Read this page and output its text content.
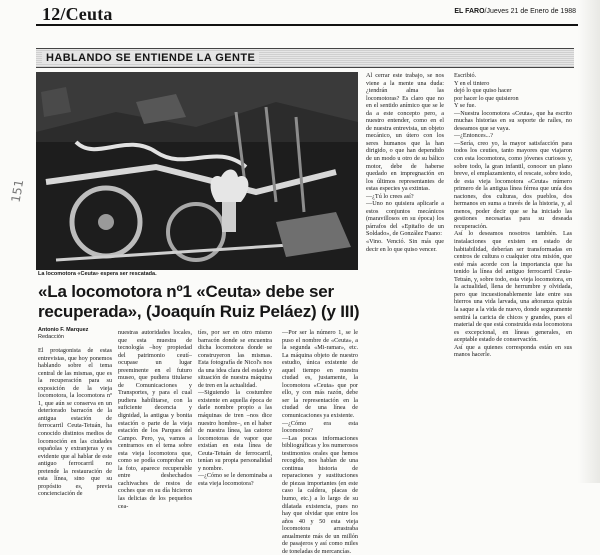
12/Ceuta	EL FARO/Jueves 21 de Enero de 1988
HABLANDO SE ENTIENDE LA GENTE
La locomotora «Ceuta» espera ser rescatada.
«La locomotora nº1 «Ceuta» debe ser recuperada», (Joaquín Ruiz Peláez) (y III)
Antonio F. Marquez
Redacción

El protagonista de estas entrevistas, que hoy ponemos hablando sobre el tema central de las mismas, que es la recuperación para su exposición de la vieja locomotora, la locomotora nº 1, que aún se conserva en un deteriorado barracón de la antigua estación de ferrocarril Ceuta-Tetuán, ha conocido distintos medios de locomoción en las ciudades españolas y extranjeras y es evidente que al hablar de este antiguo ferrocarril no pretende la restauración de esta línea, sino que su propósito es, previa concienciación de

nuestras autoridades locales, que esta muestra de tecnología –hoy propiedad del patrimonio ceutí– ocupase un lugar preeminente en el futuro museo, que pudiera titularse de Comunicaciones y Transportes, y para el cual pudiera habilitarse, con la suficiente decencia y dignidad, la antigua y bonita estación o parte de la vieja estación de los Parques del Campo. Pero, ya, vamos a centrarnos en el tema sobre esta vieja locomotora que, como se podía comprobar en la foto, aparece recuperable entre deshechados cachivaches de restos de coches que en su día hicieron las delicias de los pequeños cea-

tíes, por ser en otro mismo barracón donde se encuentra dicha locomotora donde se construyeron las mismas. Esta fotografía de Nicol's nos da una idea clara del estado y situación de nuestra máquina de tren en la actualidad.
—Siguiendo la costumbre existente en aquella época de darle nombre propio a las máquinas de tren –nos dice nuestro hombre–, en el haber de nuestra línea, las catorce locomotoras de vapor que existían en esta línea de Ceuta-Tetuán de ferrocarril, tenían su propia personalidad y nombre.
—¿Cómo se le denominaba a esta vieja locomotora?

—Por ser la número 1, se le puso el nombre de «Ceuta», a la segunda «Mi-ramar», etc. La máquina objeto de nuestro estudio, única existente de aquel tiempo en nuestra ciudad es, justamente, la locomotora «Ceuta» que por ello, y con más razón, debe ser la representación en la ciudad de una línea de comunicaciones ya existente.
—¿Cómo era esta locomotora?
—Las pocas informaciones bibliográficas y los numerosos testimonios orales que hemos recogido, nos hablan de una continua historia de reparaciones y sustituciones de piezas importantes (en este caso la caldera, placas de humo, etc.) a lo largo de su dilatada existencia, pues no hay que olvidar que entre los años 40 y 50 esta vieja locomotora arrastraba anualmente más de un millón de pasajeros y así como miles de toneladas de mercancías.

Al cerrar este trabajo, se nos viene a la mente una duda: ¿tendrán alma las locomotoras? Es claro que no en el sentido anímico que se le da a este concepto pero, a nuestro entender, como en el de nuestra entrevista, un objeto mecánico, un útero con los seres humanos que la han dirigido, o que han dependido de un modo u otro de su bálico motor, debe de haberse quedado en impregnación en los últimos representantes de estas especies ya extintas.
—¿Tú lo crees así?
—Uno no quisiera aplicarle a estos conjuntos mecánicos (maravillosos en su época) los párrafos del «Epitafio de un Soldado», de González Fuano:
«Vino. Venció. Sin más que decir en lo que quiso vencer.

Escribió.
Y en el tintero
dejó lo que quiso hacer
por hacer lo que quisieron
Y se fue.
—Nuestra locomotora «Ceuta», que ha escrito muchas historias en su soporte de raíles, no deseamos que se vaya.
—¿Entonces...?
—Sería, creo yo, la mayor satisfacción para todos los ceutíes, tanto mayores que viajaron con esta locomotora, como jóvenes curiosos y, sobre todo, la gran infantil, conocer un plano breve, el emplazamiento, el rescate, sobre todo, de esta vieja locomotora «Ceuta» número primero de la antigua línea férrea que unía dos naciones, dos culturas, dos pueblos, dos hermanos en suma a través de la historia, y, al menos, poder decir que se ha iniciado las gestiones necesarias para su deseada recuperación.
Así lo deseamos nosotros también. Las instalaciones que existen en estado de habitabilidad, deberían ser transformadas en centros de cultura o cualquier otra misión, que esté más acorde con la importancia que ha tenido la línea del antiguo ferrocarril Ceuta-Tetuán, y, sobre todo, esta vieja locomotora, en la actualidad, llena de herrumbre y olvidada, pero que incuestionablemente late entre sus hierros una vida larvada, una añoranza quizás la saque a la vida de nuevo, donde seguramente sentirá la caricia de chicos y grandes, pues el material de que está construida esta locomotora es excepcional, en líneas generales, en aceptable estado de conservación.
Así que a quienes corresponda están en sus manos hacerle.

151
